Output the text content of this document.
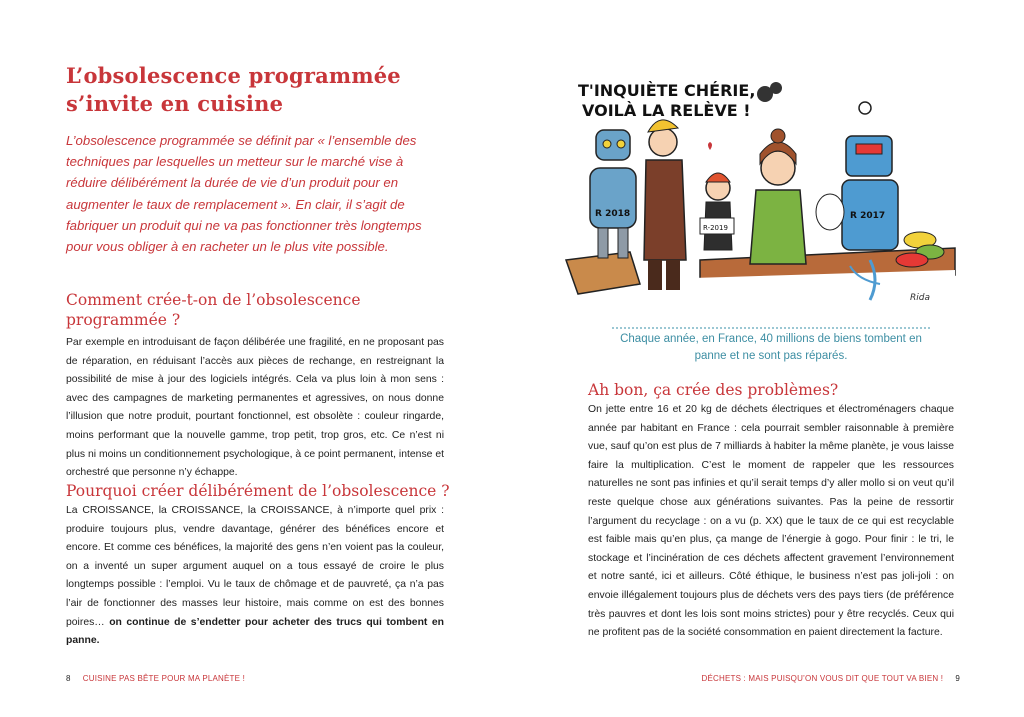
L’obsolescence programmée
s’invite en cuisine

L’obsolescence programmée se définit par « l’ensemble des techniques par lesquelles un metteur sur le marché vise à réduire délibérément la durée de vie d’un produit pour en augmenter le taux de remplacement ». En clair, il s’agit de fabriquer un produit qui ne va pas fonctionner très longtemps pour vous obliger à en racheter un le plus vite possible.

Comment crée-t-on de l’obsolescence programmée ?

Par exemple en introduisant de façon délibérée une fragilité, en ne proposant pas de réparation, en réduisant l’accès aux pièces de rechange, en restreignant la possibilité de mise à jour des logiciels intégrés. Cela va plus loin à mon sens : avec des campagnes de marketing permanentes et agressives, on nous donne l’illusion que notre produit, pourtant fonctionnel, est obsolète : couleur ringarde, moins performant que la nouvelle gamme, trop petit, trop gros, etc. Ce n’est ni plus ni moins un conditionnement psychologique, à ce point permanent, intense et orchestré que personne n’y échappe.

Pourquoi créer délibérément de l’obsolescence ?

La CROISSANCE, la CROISSANCE, la CROISSANCE, à n’importe quel prix : produire toujours plus, vendre davantage, générer des bénéfices encore et encore. Et comme ces bénéfices, la majorité des gens n’en voient pas la couleur, on a inventé un super argument auquel on a tous essayé de croire le plus longtemps possible : l’emploi. Vu le taux de chômage et de pauvreté, ça n’a pas l’air de fonctionner des masses leur histoire, mais comme on est des bonnes poires… on continue de s’endetter pour acheter des trucs qui tombent en panne.

8 CUISINE PAS BÊTE POUR MA PLANÈTE !
T'INQUIÈTE CHÉRIE,
VOILÀ LA RELÈVE !
R 2018
R-2019
R 2017
Rida

Chaque année, en France, 40 millions de biens tombent en panne et ne sont pas réparés.

Ah bon, ça crée des problèmes?

On jette entre 16 et 20 kg de déchets électriques et électroménagers chaque année par habitant en France : cela pourrait sembler raisonnable à première vue, sauf qu’on est plus de 7 milliards à habiter la même planète, je vous laisse faire la multiplication. C’est le moment de rappeler que les ressources naturelles ne sont pas infinies et qu’il serait temps d’y aller mollo si on veut qu’il reste quelque chose aux générations suivantes. Pas la peine de ressortir l’argument du recyclage : on a vu (p. XX) que le taux de ce qui est recyclable est faible mais qu’en plus, ça mange de l’énergie à gogo. Pour finir : le tri, le stockage et l’incinération de ces déchets affectent gravement l’environnement et notre santé, ici et ailleurs. Côté éthique, le business n’est pas joli-joli : on envoie illégalement toujours plus de déchets vers des pays tiers (de préférence très pauvres et dont les lois sont moins strictes) pour y être recyclés. Ceux qui ne profitent pas de la société consommation en paient directement la facture.

DÉCHETS : MAIS PUISQU’ON VOUS DIT QUE TOUT VA BIEN ! 9
